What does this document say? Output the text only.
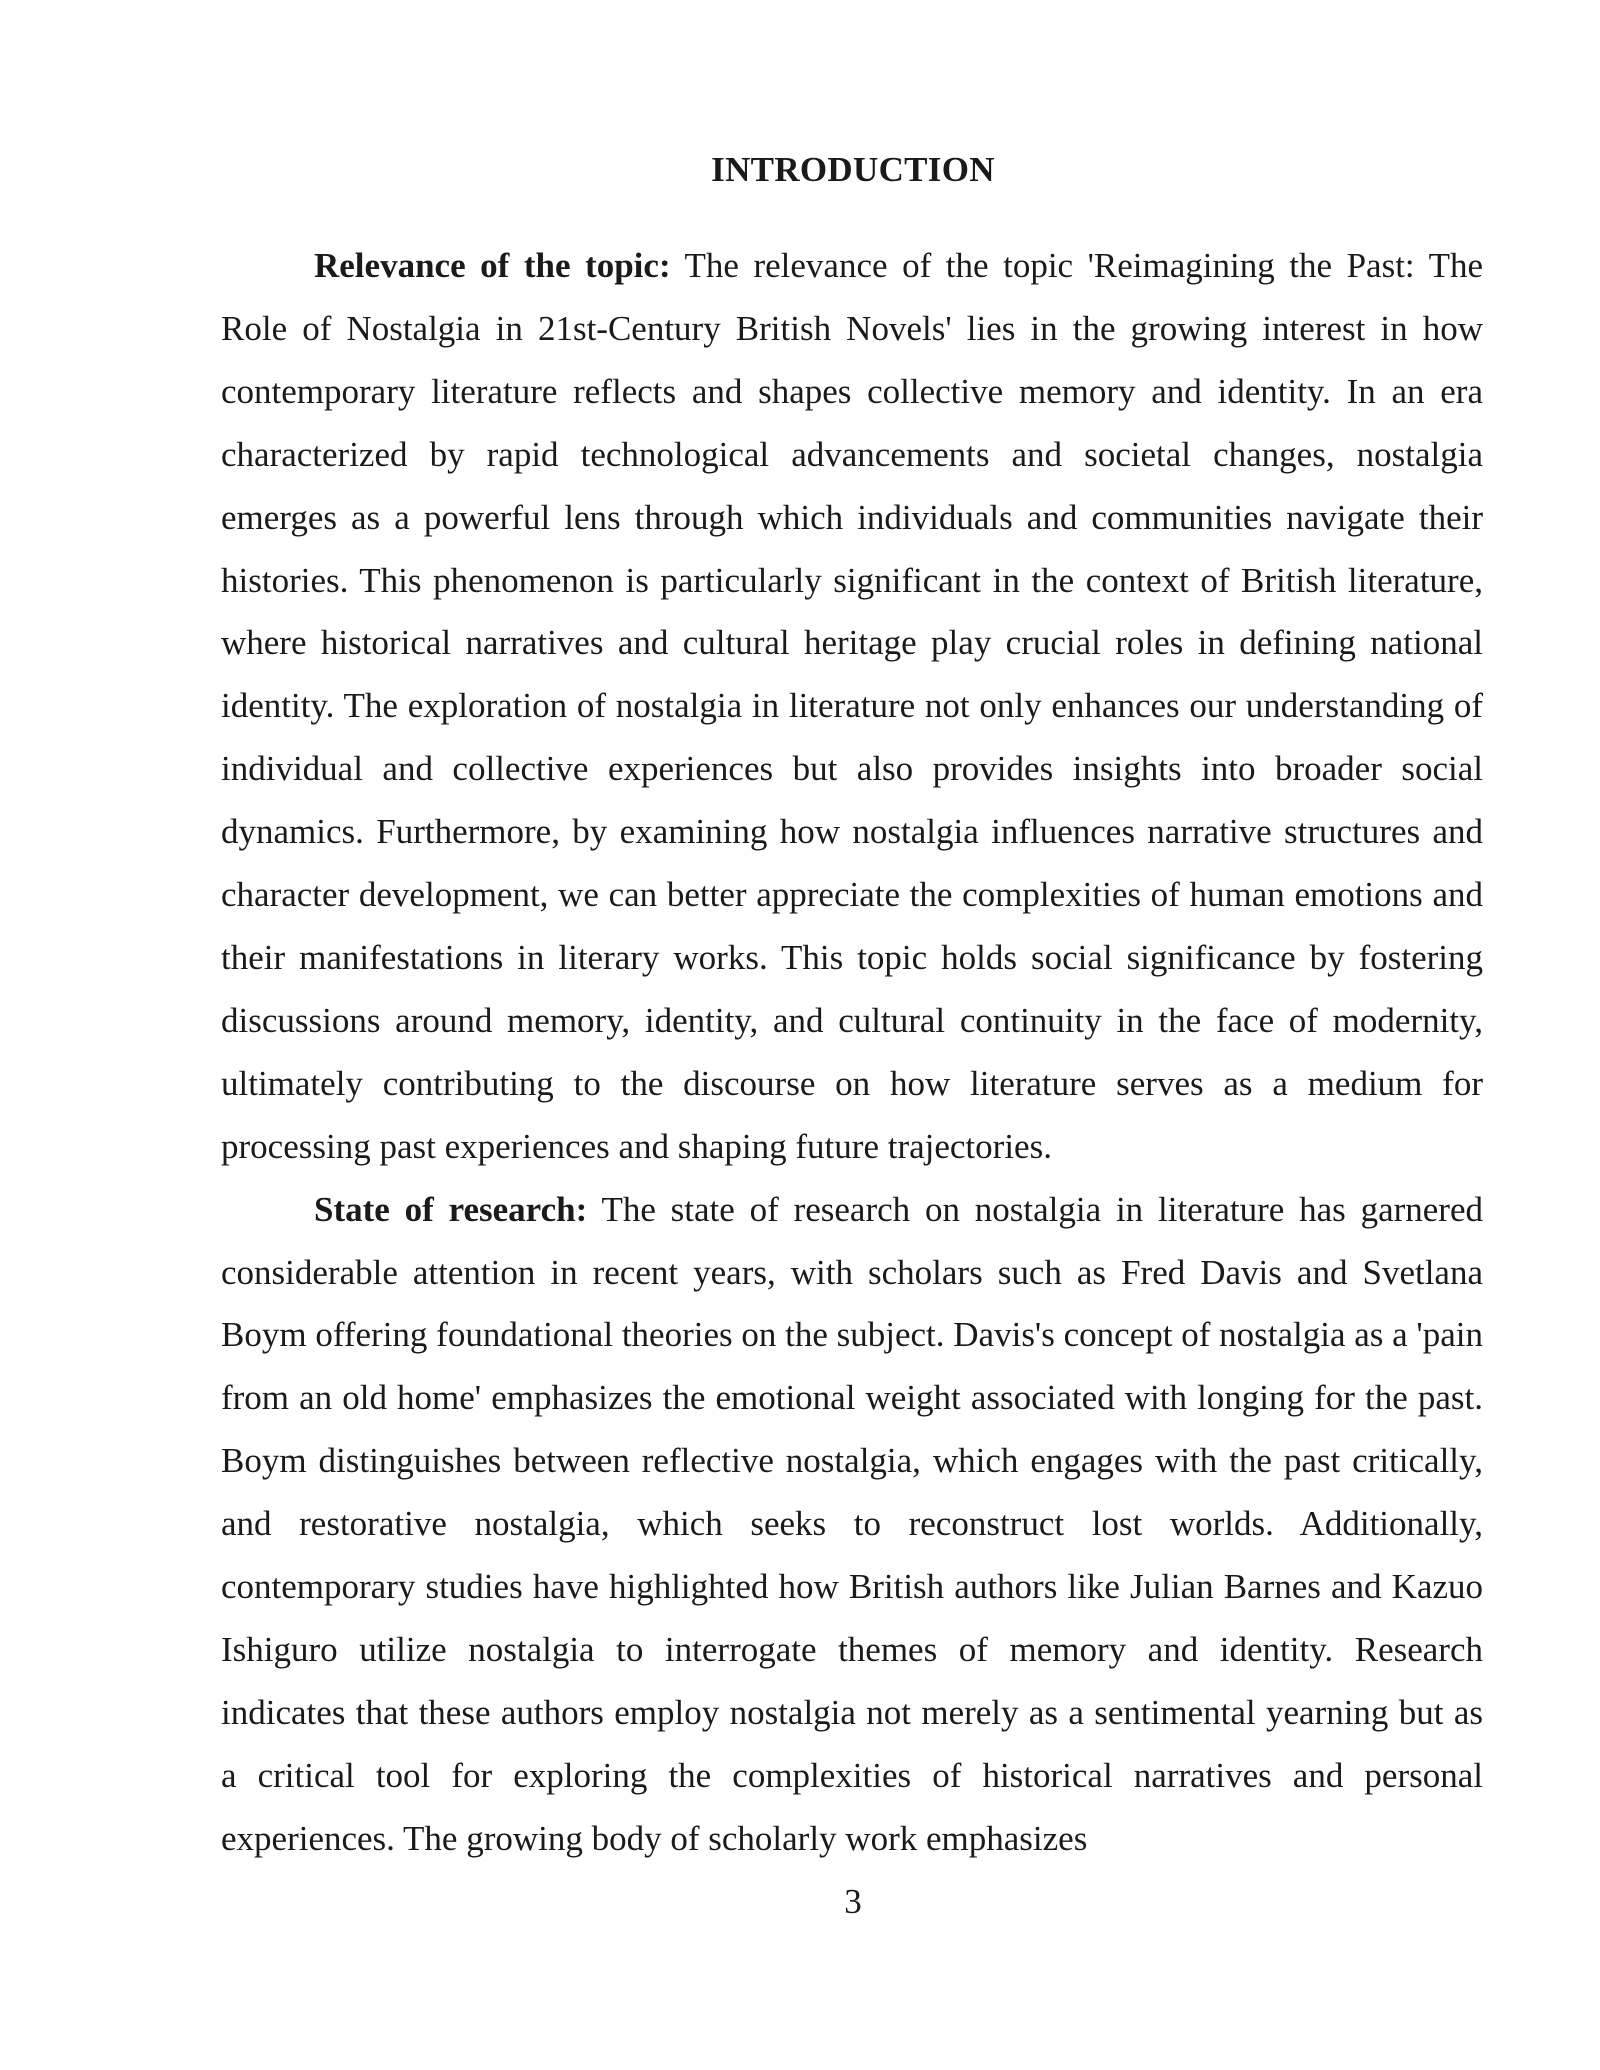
INTRODUCTION

Relevance of the topic: The relevance of the topic 'Reimagining the Past: The Role of Nostalgia in 21st-Century British Novels' lies in the growing interest in how contemporary literature reflects and shapes collective memory and identity. In an era characterized by rapid technological advancements and societal changes, nostalgia emerges as a powerful lens through which individuals and communities navigate their histories. This phenomenon is particularly significant in the context of British literature, where historical narratives and cultural heritage play crucial roles in defining national identity. The exploration of nostalgia in literature not only enhances our understanding of individual and collective experiences but also provides insights into broader social dynamics. Furthermore, by examining how nostalgia influences narrative structures and character development, we can better appreciate the complexities of human emotions and their manifestations in literary works. This topic holds social significance by fostering discussions around memory, identity, and cultural continuity in the face of modernity, ultimately contributing to the discourse on how literature serves as a medium for processing past experiences and shaping future trajectories.

State of research: The state of research on nostalgia in literature has garnered considerable attention in recent years, with scholars such as Fred Davis and Svetlana Boym offering foundational theories on the subject. Davis's concept of nostalgia as a 'pain from an old home' emphasizes the emotional weight associated with longing for the past. Boym distinguishes between reflective nostalgia, which engages with the past critically, and restorative nostalgia, which seeks to reconstruct lost worlds. Additionally, contemporary studies have highlighted how British authors like Julian Barnes and Kazuo Ishiguro utilize nostalgia to interrogate themes of memory and identity. Research indicates that these authors employ nostalgia not merely as a sentimental yearning but as a critical tool for exploring the complexities of historical narratives and personal experiences. The growing body of scholarly work emphasizes

3
